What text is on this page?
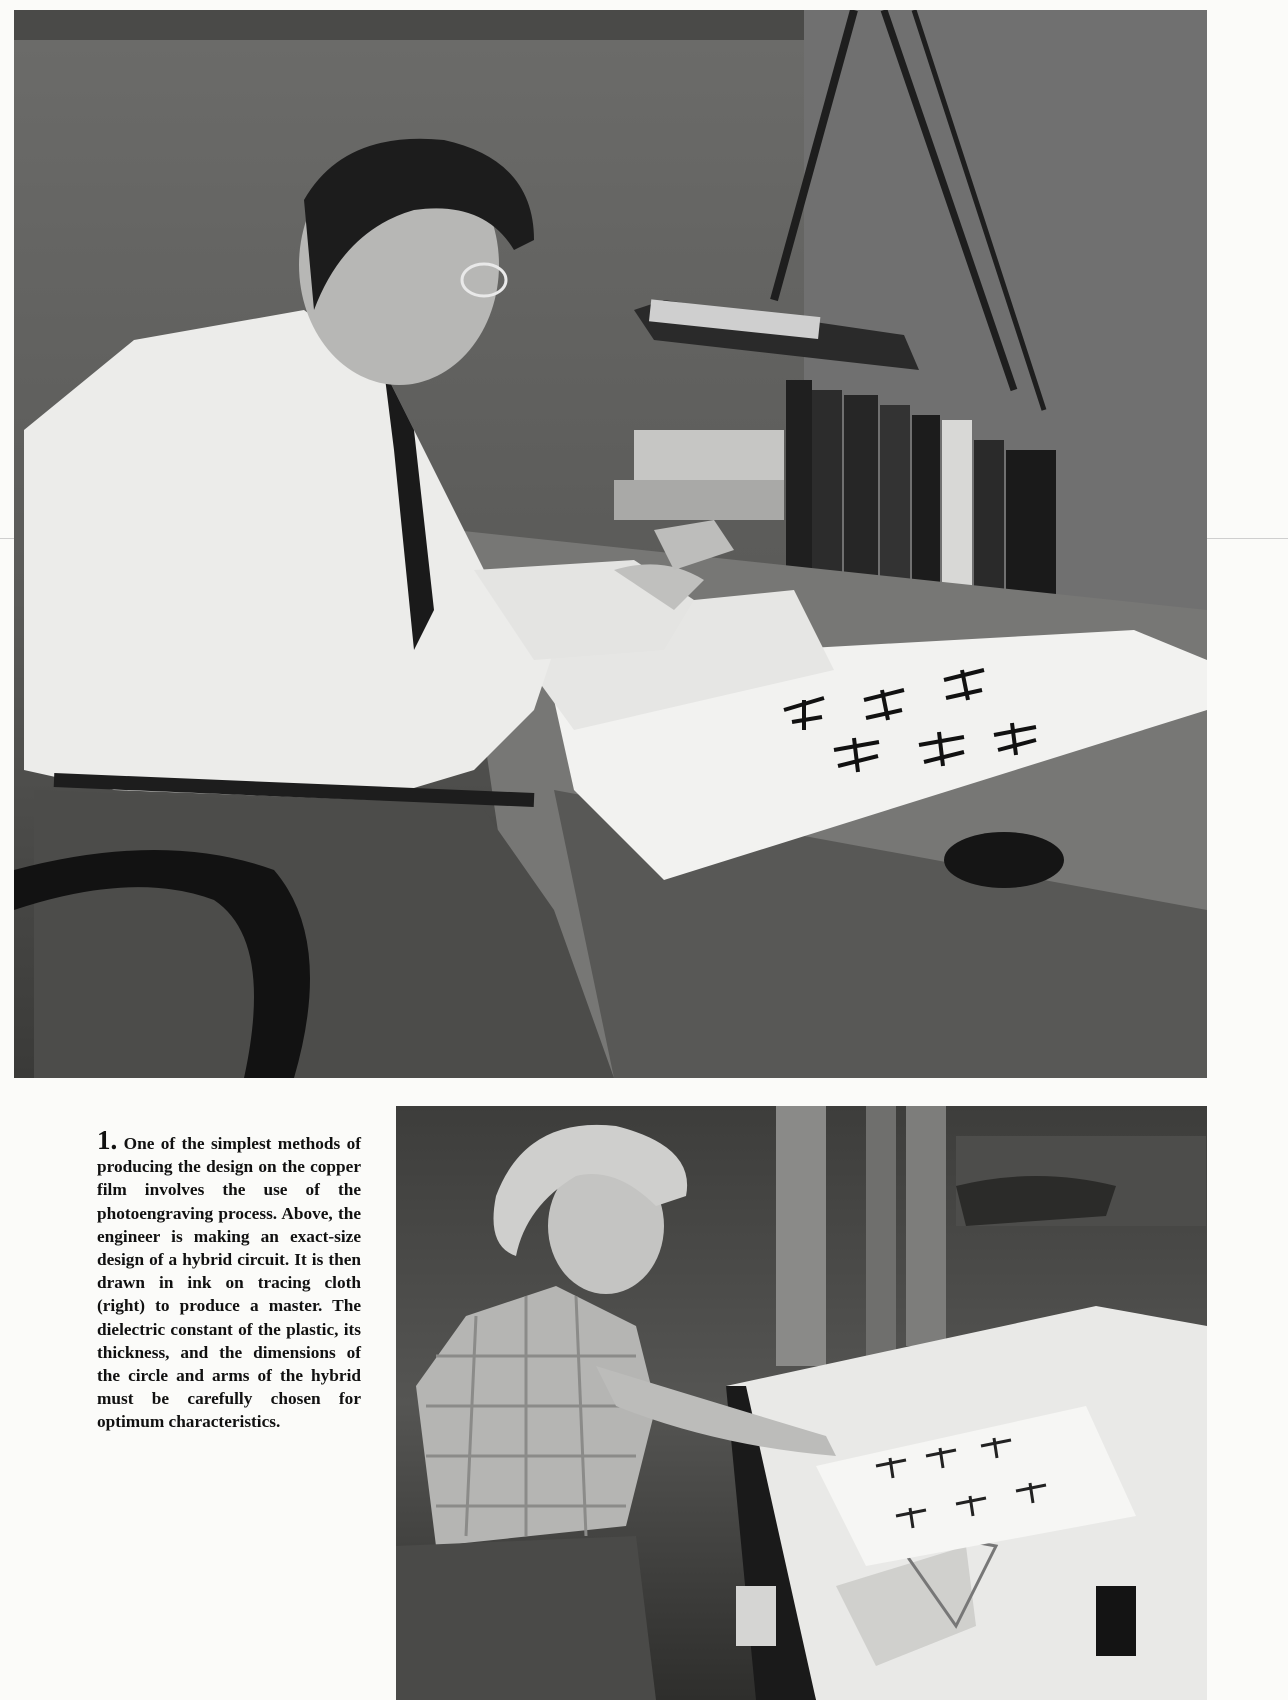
1. One of the simplest methods of producing the design on the copper film involves the use of the photoengraving process. Above, the engineer is making an exact-size design of a hybrid circuit. It is then drawn in ink on tracing cloth (right) to produce a master. The dielectric constant of the plastic, its thickness, and the dimensions of the circle and arms of the hybrid must be carefully chosen for optimum characteristics.
